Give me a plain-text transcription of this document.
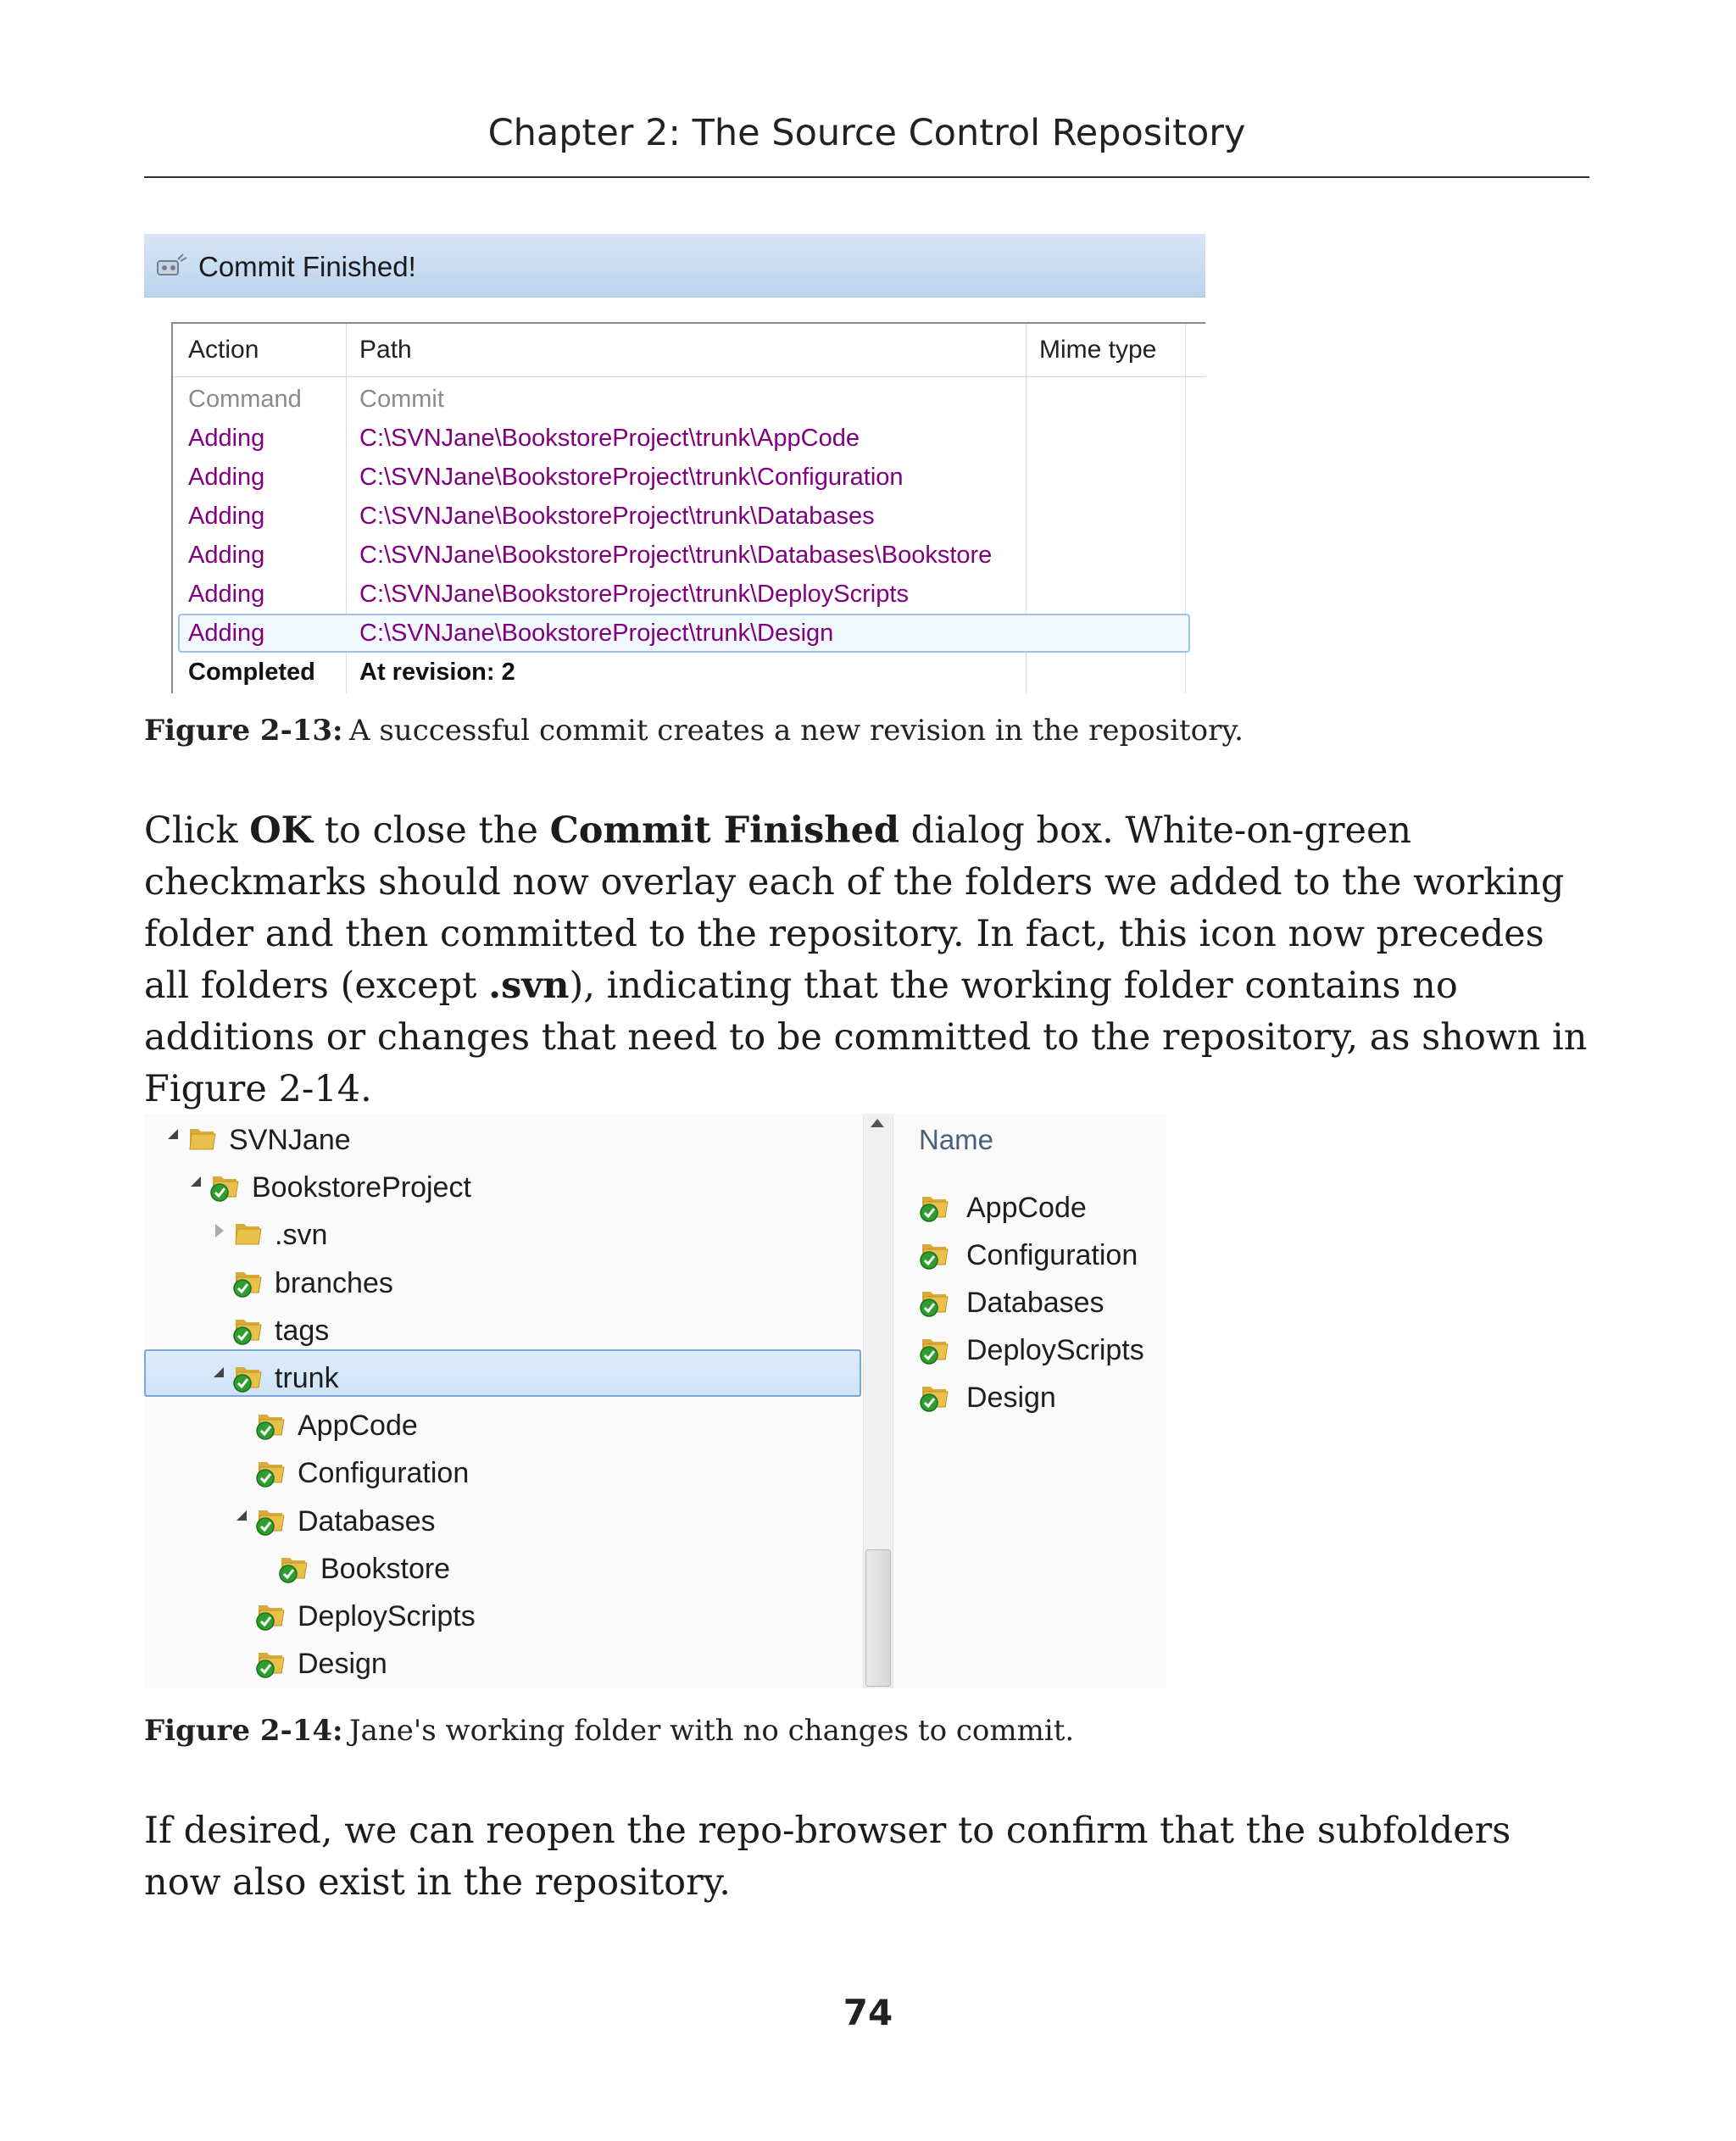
Chapter 2: The Source Control Repository
Commit Finished!
Action	Path	Mime type
Command Commit
Adding	C:\SVNJane\BookstoreProject\trunk\AppCode
Adding	C:\SVNJane\BookstoreProject\trunk\Configuration
Adding	C:\SVNJane\BookstoreProject\trunk\Databases
Adding	C:\SVNJane\BookstoreProject\trunk\Databases\Bookstore
Adding	C:\SVNJane\BookstoreProject\trunk\DeployScripts
Adding	C:\SVNJane\BookstoreProject\trunk\Design
Completed At revision: 2
Figure 2-13: A successful commit creates a new revision in the repository.
Click OK to close the Commit Finished dialog box. White-on-green checkmarks should now overlay each of the folders we added to the working folder and then committed to the repository. In fact, this icon now precedes all folders (except .svn), indicating that the working folder contains no additions or changes that need to be committed to the repository, as shown in Figure 2-14.
SVNJane
BookstoreProject
.svn
branches
tags
trunk
AppCode
Configuration
Databases
Bookstore
DeployScripts
Design
Name
AppCode
Configuration
Databases
DeployScripts
Design
Figure 2-14: Jane's working folder with no changes to commit.
If desired, we can reopen the repo-browser to confirm that the subfolders now also exist in the repository.
74
